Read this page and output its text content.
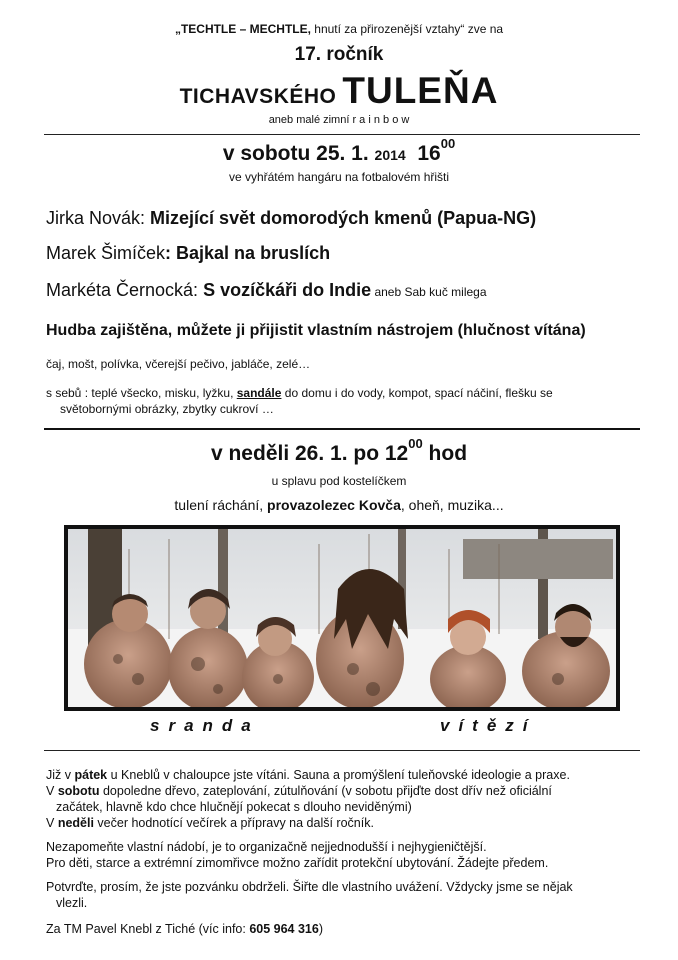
„TECHTLE – MECHTLE, hnutí za přirozenější vztahy“ zve na
17. ročník
TICHAVSKÉHO TULEŇA
aneb malé zimní r a i n b o w
v sobotu 25. 1. 2014 $16^{00}$
ve vyhřátém hangáru na fotbalovém hřišti
Jirka Novák: Mizející svět domorodých kmenů (Papua-NG)
Marek Šimíček: Bajkal na bruslích
Markéta Černocká: S vozíčkáři do Indie aneb Sab kuč milega
Hudba zajištěna, můžete ji přijistit vlastním nástrojem (hlučnost vítána)
čaj, mošt, polívka, včerejší pečivo, jabláče, zelé…
s sebů : teplé všecko, misku, lyžku, sandále do domu i do vody, kompot, spací náčiní, flešku se
světobornými obrázky, zbytky cukroví …
v neděli 26. 1. po $12^{00}$ hod
u splavu pod kostelíčkem
tulení ráchání, provazolezec Kovča, oheň, muzika...
sranda	vítězí
Již v pátek u Kneblů v chaloupce jste vítáni. Sauna a promýšlení tuleňovské ideologie a praxe.
V sobotu dopoledne dřevo, zateplování, zútulňování (v sobotu přijďte dost dřív než oficiální
začátek, hlavně kdo chce hlučnějí pokecat s dlouho neviděnými)
V neděli večer hodnotící večírek a přípravy na další ročník.
Nezapomeňte vlastní nádobí, je to organizačně nejjednodušší i nejhygieničtější.
Pro děti, starce a extrémní zimomřivce možno zařídit protekční ubytování. Žádejte předem.
Potvrďte, prosím, že jste pozvánku obdrželi. Šiřte dle vlastního uvážení. Vždycky jsme se nějak
vlezli.
Za TM Pavel Knebl z Tiché (víc info: 605 964 316)
